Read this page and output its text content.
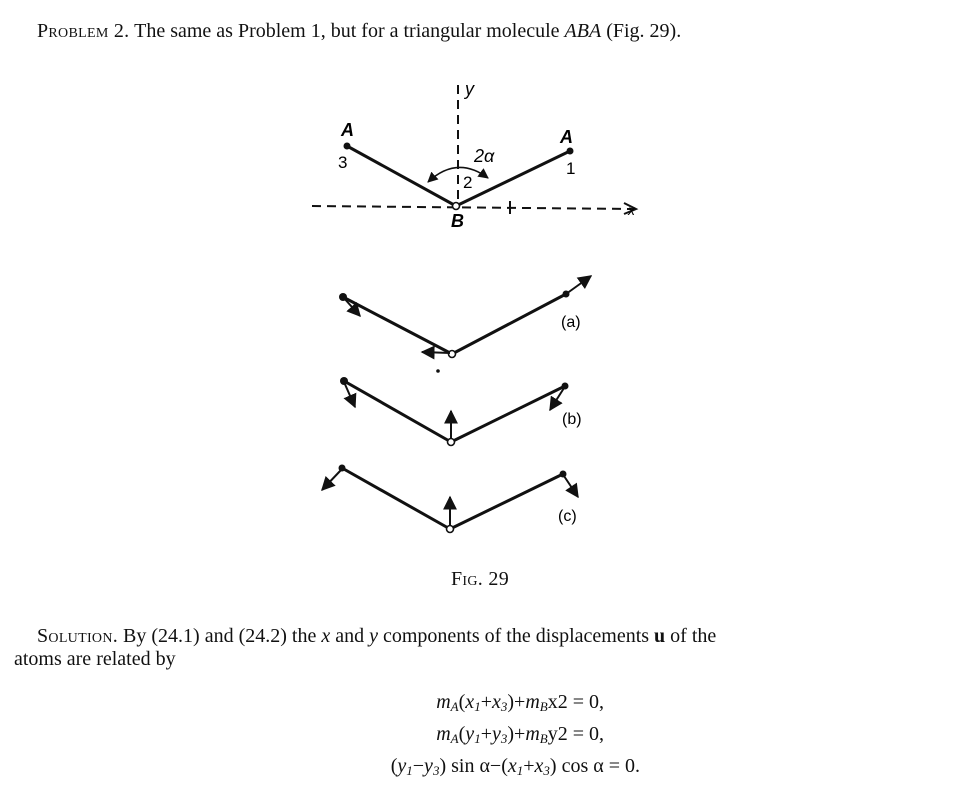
Problem 2. The same as Problem 1, but for a triangular molecule ABA (Fig. 29).
y
x
A	A
B
3	1
2
2α
(a)
(b)
(c)
Fig. 29
Solution. By (24.1) and (24.2) the x and y components of the displacements u of the
atoms are related by
$m_A(x_1+x_3)+m_Bx2 = 0$,
$m_A(y_1+y_3)+m_By2 = 0$,
$(y_1-y_3)$ $\sin \alpha-(x_1+x_3)$ cos α = 0.
